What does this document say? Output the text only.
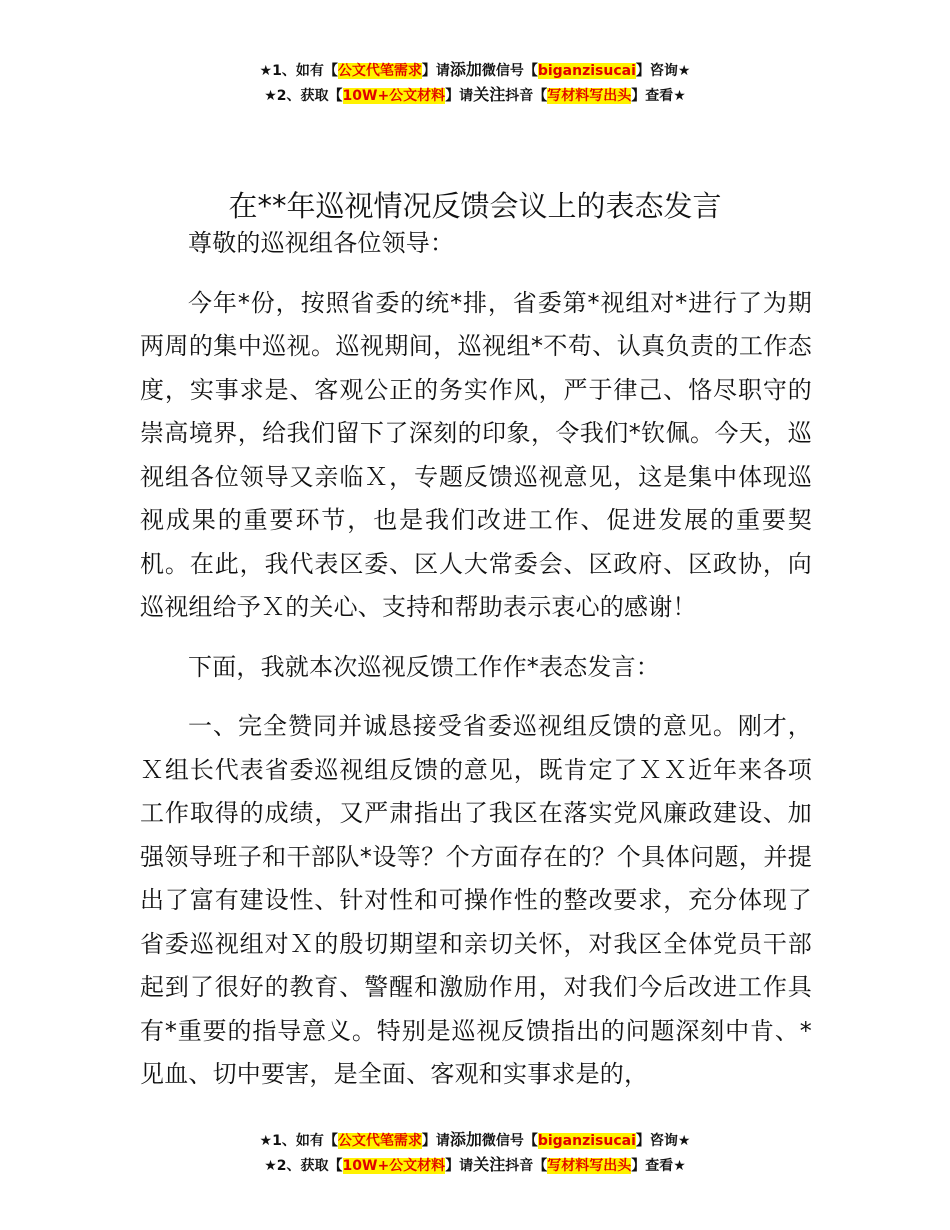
★1、如有【公文代笔需求】请添加微信号【biganzisucai】咨询★
★2、获取【10W+公文材料】请关注抖音【写材料写出头】查看★
在**年巡视情况反馈会议上的表态发言

尊敬的巡视组各位领导：

今年*份，按照省委的统*排，省委第*视组对*进行了为期两周的集中巡视。巡视期间，巡视组*不苟、认真负责的工作态度，实事求是、客观公正的务实作风，严于律己、恪尽职守的崇高境界，给我们留下了深刻的印象，令我们*钦佩。今天，巡视组各位领导又亲临Ｘ，专题反馈巡视意见，这是集中体现巡视成果的重要环节，也是我们改进工作、促进发展的重要契机。在此，我代表区委、区人大常委会、区政府、区政协，向巡视组给予Ｘ的关心、支持和帮助表示衷心的感谢！

下面，我就本次巡视反馈工作作*表态发言：

一、完全赞同并诚恳接受省委巡视组反馈的意见。刚才，Ｘ组长代表省委巡视组反馈的意见，既肯定了ＸＸ近年来各项工作取得的成绩，又严肃指出了我区在落实党风廉政建设、加强领导班子和干部队*设等？个方面存在的？个具体问题，并提出了富有建设性、针对性和可操作性的整改要求，充分体现了省委巡视组对Ｘ的殷切期望和亲切关怀，对我区全体党员干部起到了很好的教育、警醒和激励作用，对我们今后改进工作具有*重要的指导意义。特别是巡视反馈指出的问题深刻中肯、*见血、切中要害，是全面、客观和实事求是的，

★1、如有【公文代笔需求】请添加微信号【biganzisucai】咨询★
★2、获取【10W+公文材料】请关注抖音【写材料写出头】查看★
